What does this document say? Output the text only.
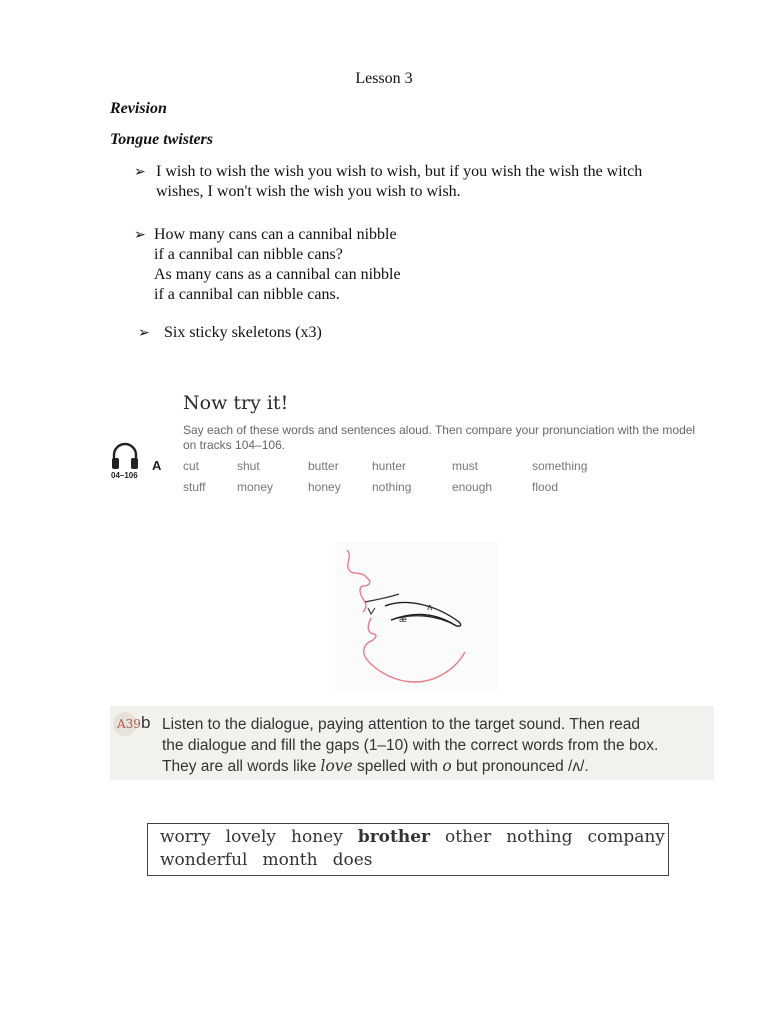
Lesson 3
Revision
Tongue twisters
➢ I wish to wish the wish you wish to wish, but if you wish the wish the witch
wishes, I won't wish the wish you wish to wish.
➢ How many cans can a cannibal nibble
if a cannibal can nibble cans?
As many cans as a cannibal can nibble
if a cannibal can nibble cans.
➢ Six sticky skeletons (x3)
Now try it!
Say each of these words and sentences aloud. Then compare your pronunciation with the model on tracks 104–106.
04–106
A cut	shut	butter	hunter	must	something
stuff	money	honey	nothing	enough	flood
ʌ
æ
A39 b Listen to the dialogue, paying attention to the target sound. Then read
the dialogue and fill the gaps (1–10) with the correct words from the box.
They are all words like love spelled with o but pronounced /ʌ/.
worry lovely honey brother other nothing company
wonderful month does
